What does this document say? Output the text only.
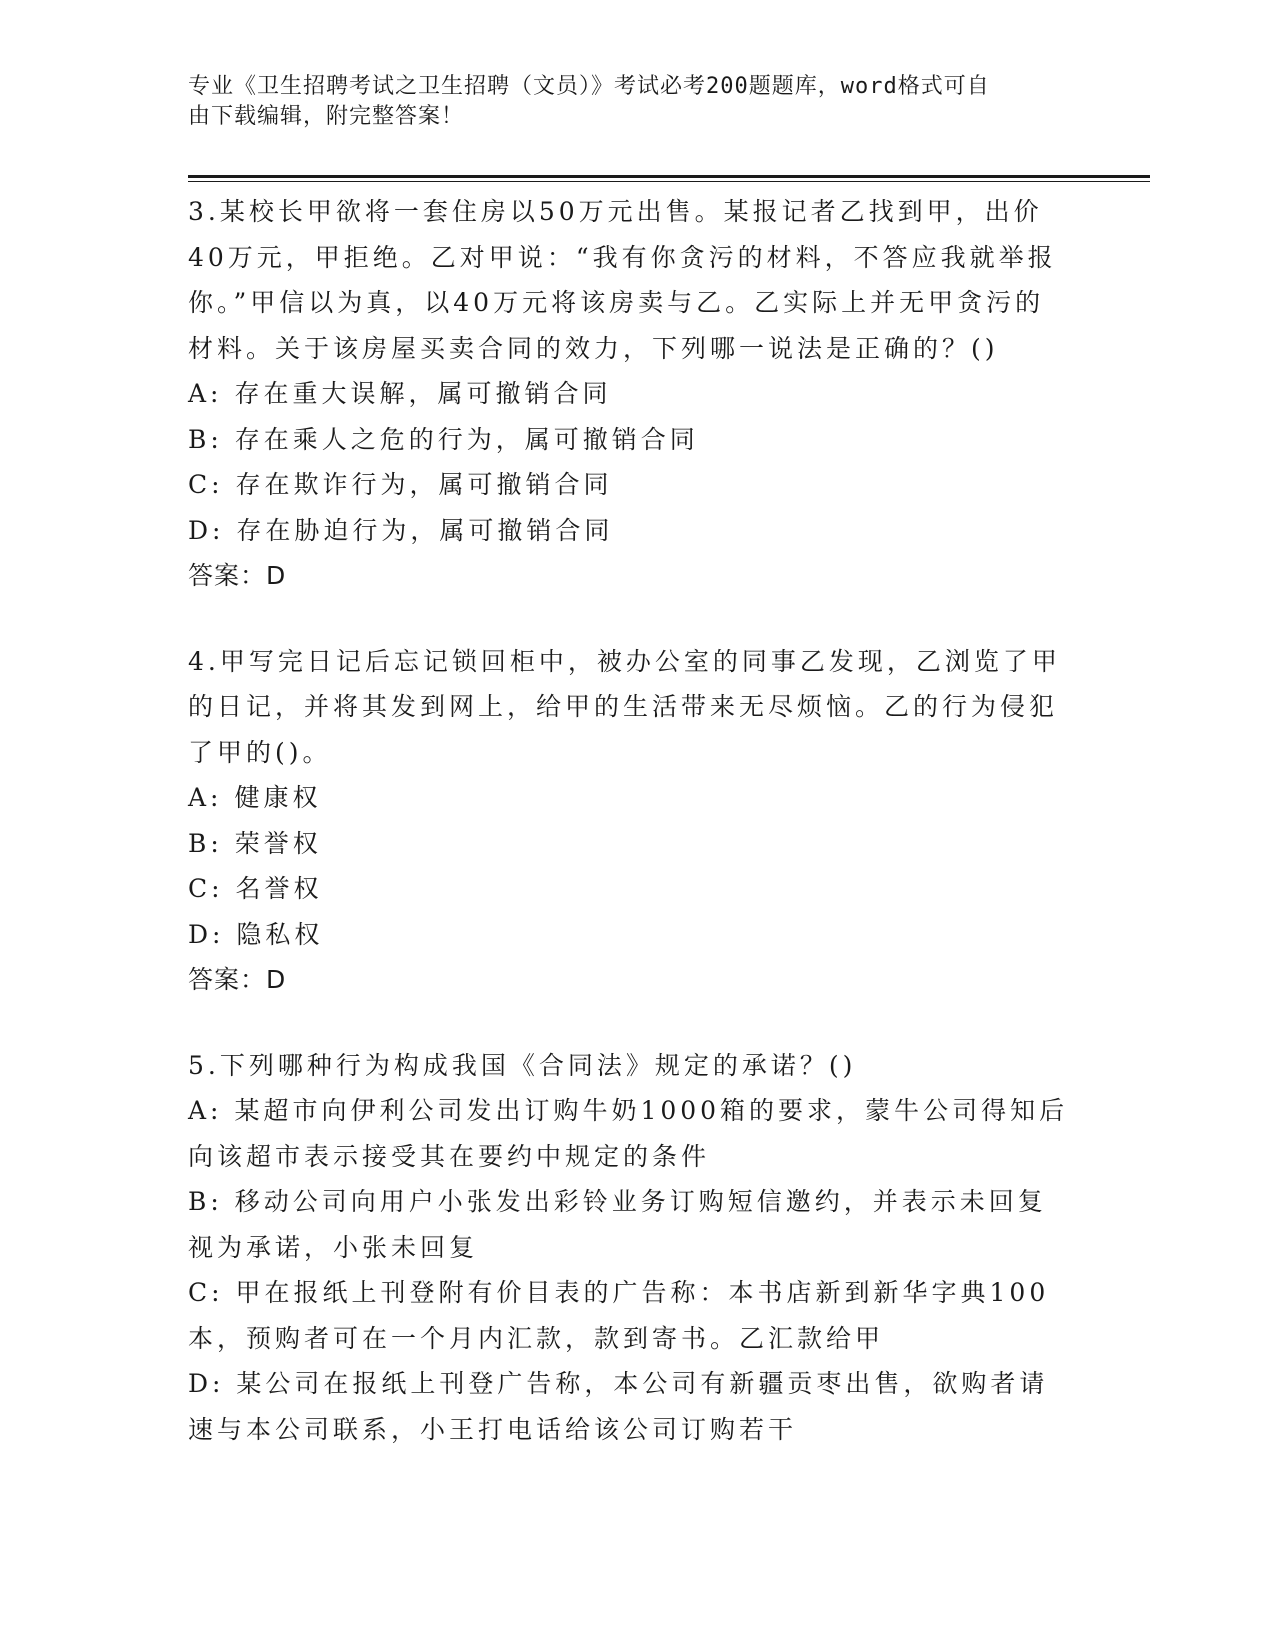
专业《卫生招聘考试之卫生招聘（文员）》考试必考200题题库，word格式可自
由下载编辑，附完整答案！
3.某校长甲欲将一套住房以50万元出售。某报记者乙找到甲，出价40万元，甲拒绝。乙对甲说：“我有你贪污的材料，不答应我就举报你。”甲信以为真，以40万元将该房卖与乙。乙实际上并无甲贪污的材料。关于该房屋买卖合同的效力，下列哪一说法是正确的？()
A: 存在重大误解，属可撤销合同
B: 存在乘人之危的行为，属可撤销合同
C: 存在欺诈行为，属可撤销合同
D: 存在胁迫行为，属可撤销合同
答案：D
4.甲写完日记后忘记锁回柜中，被办公室的同事乙发现，乙浏览了甲的日记，并将其发到网上，给甲的生活带来无尽烦恼。乙的行为侵犯了甲的()。
A: 健康权
B: 荣誉权
C: 名誉权
D: 隐私权
答案：D
5.下列哪种行为构成我国《合同法》规定的承诺？()
A: 某超市向伊利公司发出订购牛奶1000箱的要求，蒙牛公司得知后向该超市表示接受其在要约中规定的条件
B: 移动公司向用户小张发出彩铃业务订购短信邀约，并表示未回复视为承诺，小张未回复
C: 甲在报纸上刊登附有价目表的广告称：本书店新到新华字典100本，预购者可在一个月内汇款，款到寄书。乙汇款给甲
D: 某公司在报纸上刊登广告称，本公司有新疆贡枣出售，欲购者请速与本公司联系，小王打电话给该公司订购若干
